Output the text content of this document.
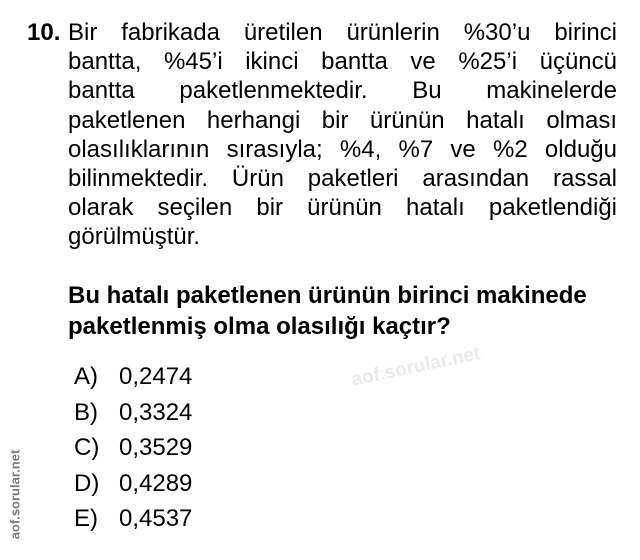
10. Bir fabrikada üretilen ürünlerin %30’u birinci
bantta, %45’i ikinci bantta ve %25’i üçüncü
bantta paketlenmektedir. Bu makinelerde
paketlenen herhangi bir ürünün hatalı olması
olasılıklarının sırasıyla; %4, %7 ve %2 olduğu
bilinmektedir. Ürün paketleri arasından rassal
olarak seçilen bir ürünün hatalı paketlendiği
görülmüştür.
Bu hatalı paketlenen ürünün birinci makinede
paketlenmiş olma olasılığı kaçtır?
aof.sorular.net
A) 0,2474
B) 0,3324
C) 0,3529
D) 0,4289
E) 0,4537
aof.sorular.net
